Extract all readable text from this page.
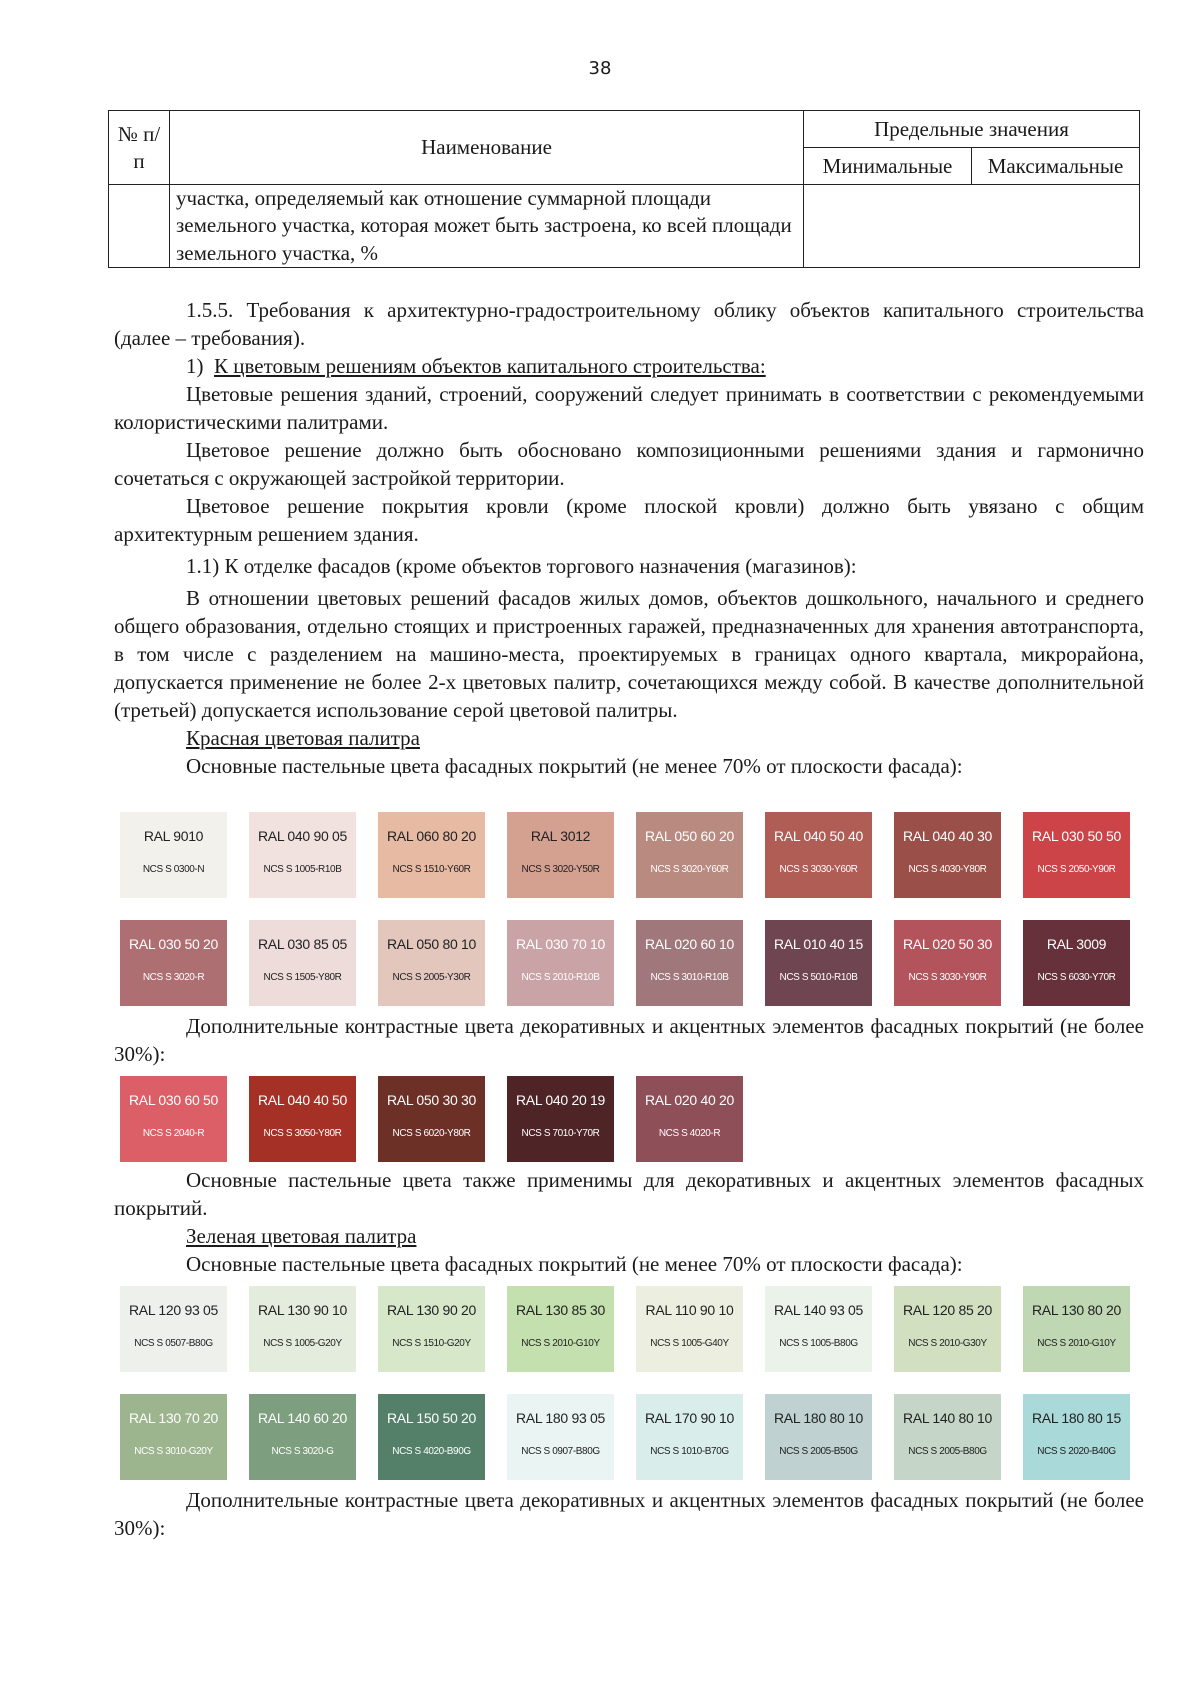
38
№ п/п	Наименование	Предельные значения	
		Минимальные	Максимальные
	участка, определяемый как отношение суммарной площади земельного участка, которая может быть застроена, ко всей площади земельного участка, %		

1.5.5. Требования к архитектурно-градостроительному облику объектов капитального строительства (далее – требования).

1) К цветовым решениям объектов капитального строительства:

Цветовые решения зданий, строений, сооружений следует принимать в соответствии с рекомендуемыми колористическими палитрами.

Цветовое решение должно быть обосновано композиционными решениями здания и гармонично сочетаться с окружающей застройкой территории.

Цветовое решение покрытия кровли (кроме плоской кровли) должно быть увязано с общим архитектурным решением здания.

1.1) К отделке фасадов (кроме объектов торгового назначения (магазинов):

В отношении цветовых решений фасадов жилых домов, объектов дошкольного, начального и среднего общего образования, отдельно стоящих и пристроенных гаражей, предназначенных для хранения автотранспорта, в том числе с разделением на машино-места, проектируемых в границах одного квартала, микрорайона, допускается применение не более 2-х цветовых палитр, сочетающихся между собой. В качестве дополнительной (третьей) допускается использование серой цветовой палитры.

Красная цветовая палитра

Основные пастельные цвета фасадных покрытий (не менее 70% от плоскости фасада):

RAL 9010
NCS S 0300-N
RAL 040 90 05
NCS S 1005-R10B
RAL 060 80 20
NCS S 1510-Y60R
RAL 3012
NCS S 3020-Y50R
RAL 050 60 20
NCS S 3020-Y60R
RAL 040 50 40
NCS S 3030-Y60R
RAL 040 40 30
NCS S 4030-Y80R
RAL 030 50 50
NCS S 2050-Y90R
RAL 030 50 20
NCS S 3020-R
RAL 030 85 05
NCS S 1505-Y80R
RAL 050 80 10
NCS S 2005-Y30R
RAL 030 70 10
NCS S 2010-R10B
RAL 020 60 10
NCS S 3010-R10B
RAL 010 40 15
NCS S 5010-R10B
RAL 020 50 30
NCS S 3030-Y90R
RAL 3009
NCS S 6030-Y70R

Дополнительные контрастные цвета декоративных и акцентных элементов фасадных покрытий (не более 30%):

RAL 030 60 50
NCS S 2040-R
RAL 040 40 50
NCS S 3050-Y80R
RAL 050 30 30
NCS S 6020-Y80R
RAL 040 20 19
NCS S 7010-Y70R
RAL 020 40 20
NCS S 4020-R

Основные пастельные цвета также применимы для декоративных и акцентных элементов фасадных покрытий.

Зеленая цветовая палитра

Основные пастельные цвета фасадных покрытий (не менее 70% от плоскости фасада):

RAL 120 93 05
NCS S 0507-B80G
RAL 130 90 10
NCS S 1005-G20Y
RAL 130 90 20
NCS S 1510-G20Y
RAL 130 85 30
NCS S 2010-G10Y
RAL 110 90 10
NCS S 1005-G40Y
RAL 140 93 05
NCS S 1005-B80G
RAL 120 85 20
NCS S 2010-G30Y
RAL 130 80 20
NCS S 2010-G10Y
RAL 130 70 20
NCS S 3010-G20Y
RAL 140 60 20
NCS S 3020-G
RAL 150 50 20
NCS S 4020-B90G
RAL 180 93 05
NCS S 0907-B80G
RAL 170 90 10
NCS S 1010-B70G
RAL 180 80 10
NCS S 2005-B50G
RAL 140 80 10
NCS S 2005-B80G
RAL 180 80 15
NCS S 2020-B40G

Дополнительные контрастные цвета декоративных и акцентных элементов фасадных покрытий (не более 30%):
